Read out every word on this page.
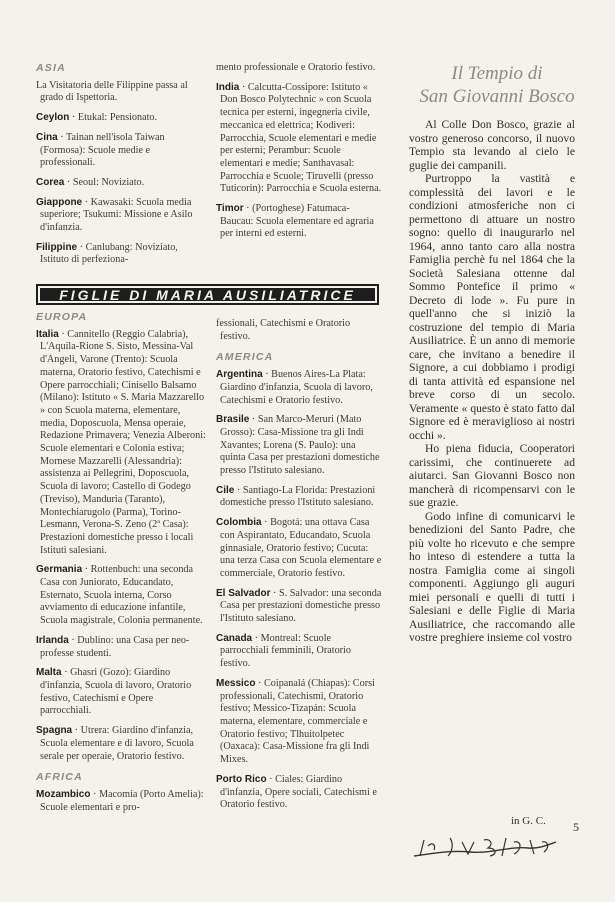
ASIA
La Visitatoria delle Filippine passa al grado di Ispettoria.
Ceylon · Etukal: Pensionato.
Cina · Tainan nell'isola Taiwan (Formosa): Scuole medie e professionali.
Corea · Seoul: Noviziato.
Giappone · Kawasaki: Scuola media superiore; Tsukumi: Missione e Asilo d'infanzia.
Filippine · Canlubang: Noviziato, Istituto di perfeziona-
mento professionale e Oratorio festivo.
India · Calcutta-Cossipore: Istituto « Don Bosco Polytechnic » con Scuola tecnica per esterni, ingegneria civile, meccanica ed elettrica; Kodiveri: Parrocchia, Scuole elementari e medie per esterni; Perambur: Scuole elementari e medie; Santhavasal: Parrocchia e Scuole; Tiruvelli (presso Tuticorin): Parrocchia e Scuola esterna.
Timor · (Portoghese) Fatumaca-Baucau: Scuola elementare ed agraria per interni ed esterni.
FIGLIE DI MARIA AUSILIATRICE
EUROPA
Italia · Cannitello (Reggio Calabria), L'Aquila-Rione S. Sisto, Messina-Val d'Angeli, Varone (Trento): Scuola materna, Oratorio festivo, Catechismi e Opere parrocchiali; Cinisello Balsamo (Milano): Istituto « S. Maria Mazzarello » con Scuola materna, elementare, media, Doposcuola, Mensa operaie, Redazione Primavera; Venezia Alberoni: Scuole elementari e Colonia estiva; Mornese Mazzarelli (Alessandria): assistenza ai Pellegrini, Doposcuola, Scuola di lavoro; Castello di Godego (Treviso), Manduria (Taranto), Montechiarugolo (Parma), Torino-Lesmann, Verona-S. Zeno (2ª Casa): Prestazioni domestiche presso i locali Istituti salesiani.
Germania · Rottenbuch: una seconda Casa con Juniorato, Educandato, Esternato, Scuola interna, Corso avviamento di educazione infantile, Scuola magistrale, Colonia permanente.
Irlanda · Dublino: una Casa per neo-professe studenti.
Malta · Ghasri (Gozo): Giardino d'infanzia, Scuola di lavoro, Oratorio festivo, Catechismi e Opere parrocchiali.
Spagna · Utrera: Giardino d'infanzia, Scuola elementare e di lavoro, Scuola serale per operaie, Oratorio festivo.
AFRICA
Mozambico · Macomia (Porto Amelia): Scuole elementari e pro-
fessionali, Catechismi e Oratorio festivo.
AMERICA
Argentina · Buenos Aires-La Plata: Giardino d'infanzia, Scuola di lavoro, Catechismi e Oratorio festivo.
Brasile · San Marco-Meruri (Mato Grosso): Casa-Missione tra gli Indi Xavantes; Lorena (S. Paulo): una quinta Casa per prestazioni domestiche presso l'Istituto salesiano.
Cile · Santiago-La Florida: Prestazioni domestiche presso l'Istituto salesiano.
Colombia · Bogotá: una ottava Casa con Aspirantato, Educandato, Scuola ginnasiale, Oratorio festivo; Cucuta: una terza Casa con Scuola elementare e commerciale, Oratorio festivo.
El Salvador · S. Salvador: una seconda Casa per prestazioni domestiche presso l'Istituto salesiano.
Canada · Montreal: Scuole parrocchiali femminili, Oratorio festivo.
Messico · Coipanalá (Chiapas): Corsi professionali, Catechismi, Oratorio festivo; Messico-Tizapán: Scuola materna, elementare, commerciale e Oratorio festivo; Tlhuitolpetec (Oaxaca): Casa-Missione fra gli Indi Mixes.
Porto Rico · Ciales: Giardino d'infanzia, Opere sociali, Catechismi e Oratorio festivo.
Il Tempio di
San Giovanni Bosco

Al Colle Don Bosco, grazie al vostro generoso concorso, il nuovo Tempio sta levando al cielo le guglie dei campanili.

Purtroppo la vastità e complessità dei lavori e le condizioni atmosferiche non ci permettono di attuare un nostro sogno: quello di inaugurarlo nel 1964, anno tanto caro alla nostra Famiglia perchè fu nel 1864 che la Società Salesiana ottenne dal Sommo Pontefice il primo « Decreto di lode ». Fu pure in quell'anno che si iniziò la costruzione del tempio di Maria Ausiliatrice. È un anno di memorie care, che invitano a benedire il Signore, a cui dobbiamo i prodigi di tanta attività ed espansione nel breve corso di un secolo. Veramente « questo è stato fatto dal Signore ed è meraviglioso ai nostri occhi ».

Ho piena fiducia, Cooperatori carissimi, che continuerete ad aiutarci. San Giovanni Bosco non mancherà di ricompensarvi con le sue grazie.

Godo infine di comunicarvi le benedizioni del Santo Padre, che più volte ho ricevuto e che sempre ho inteso di estendere a tutta la nostra Famiglia come ai singoli componenti. Aggiungo gli auguri miei personali e quelli di tutti i Salesiani e delle Figlie di Maria Ausiliatrice, che raccomando alle vostre preghiere insieme col vostro

in G. C. 5
